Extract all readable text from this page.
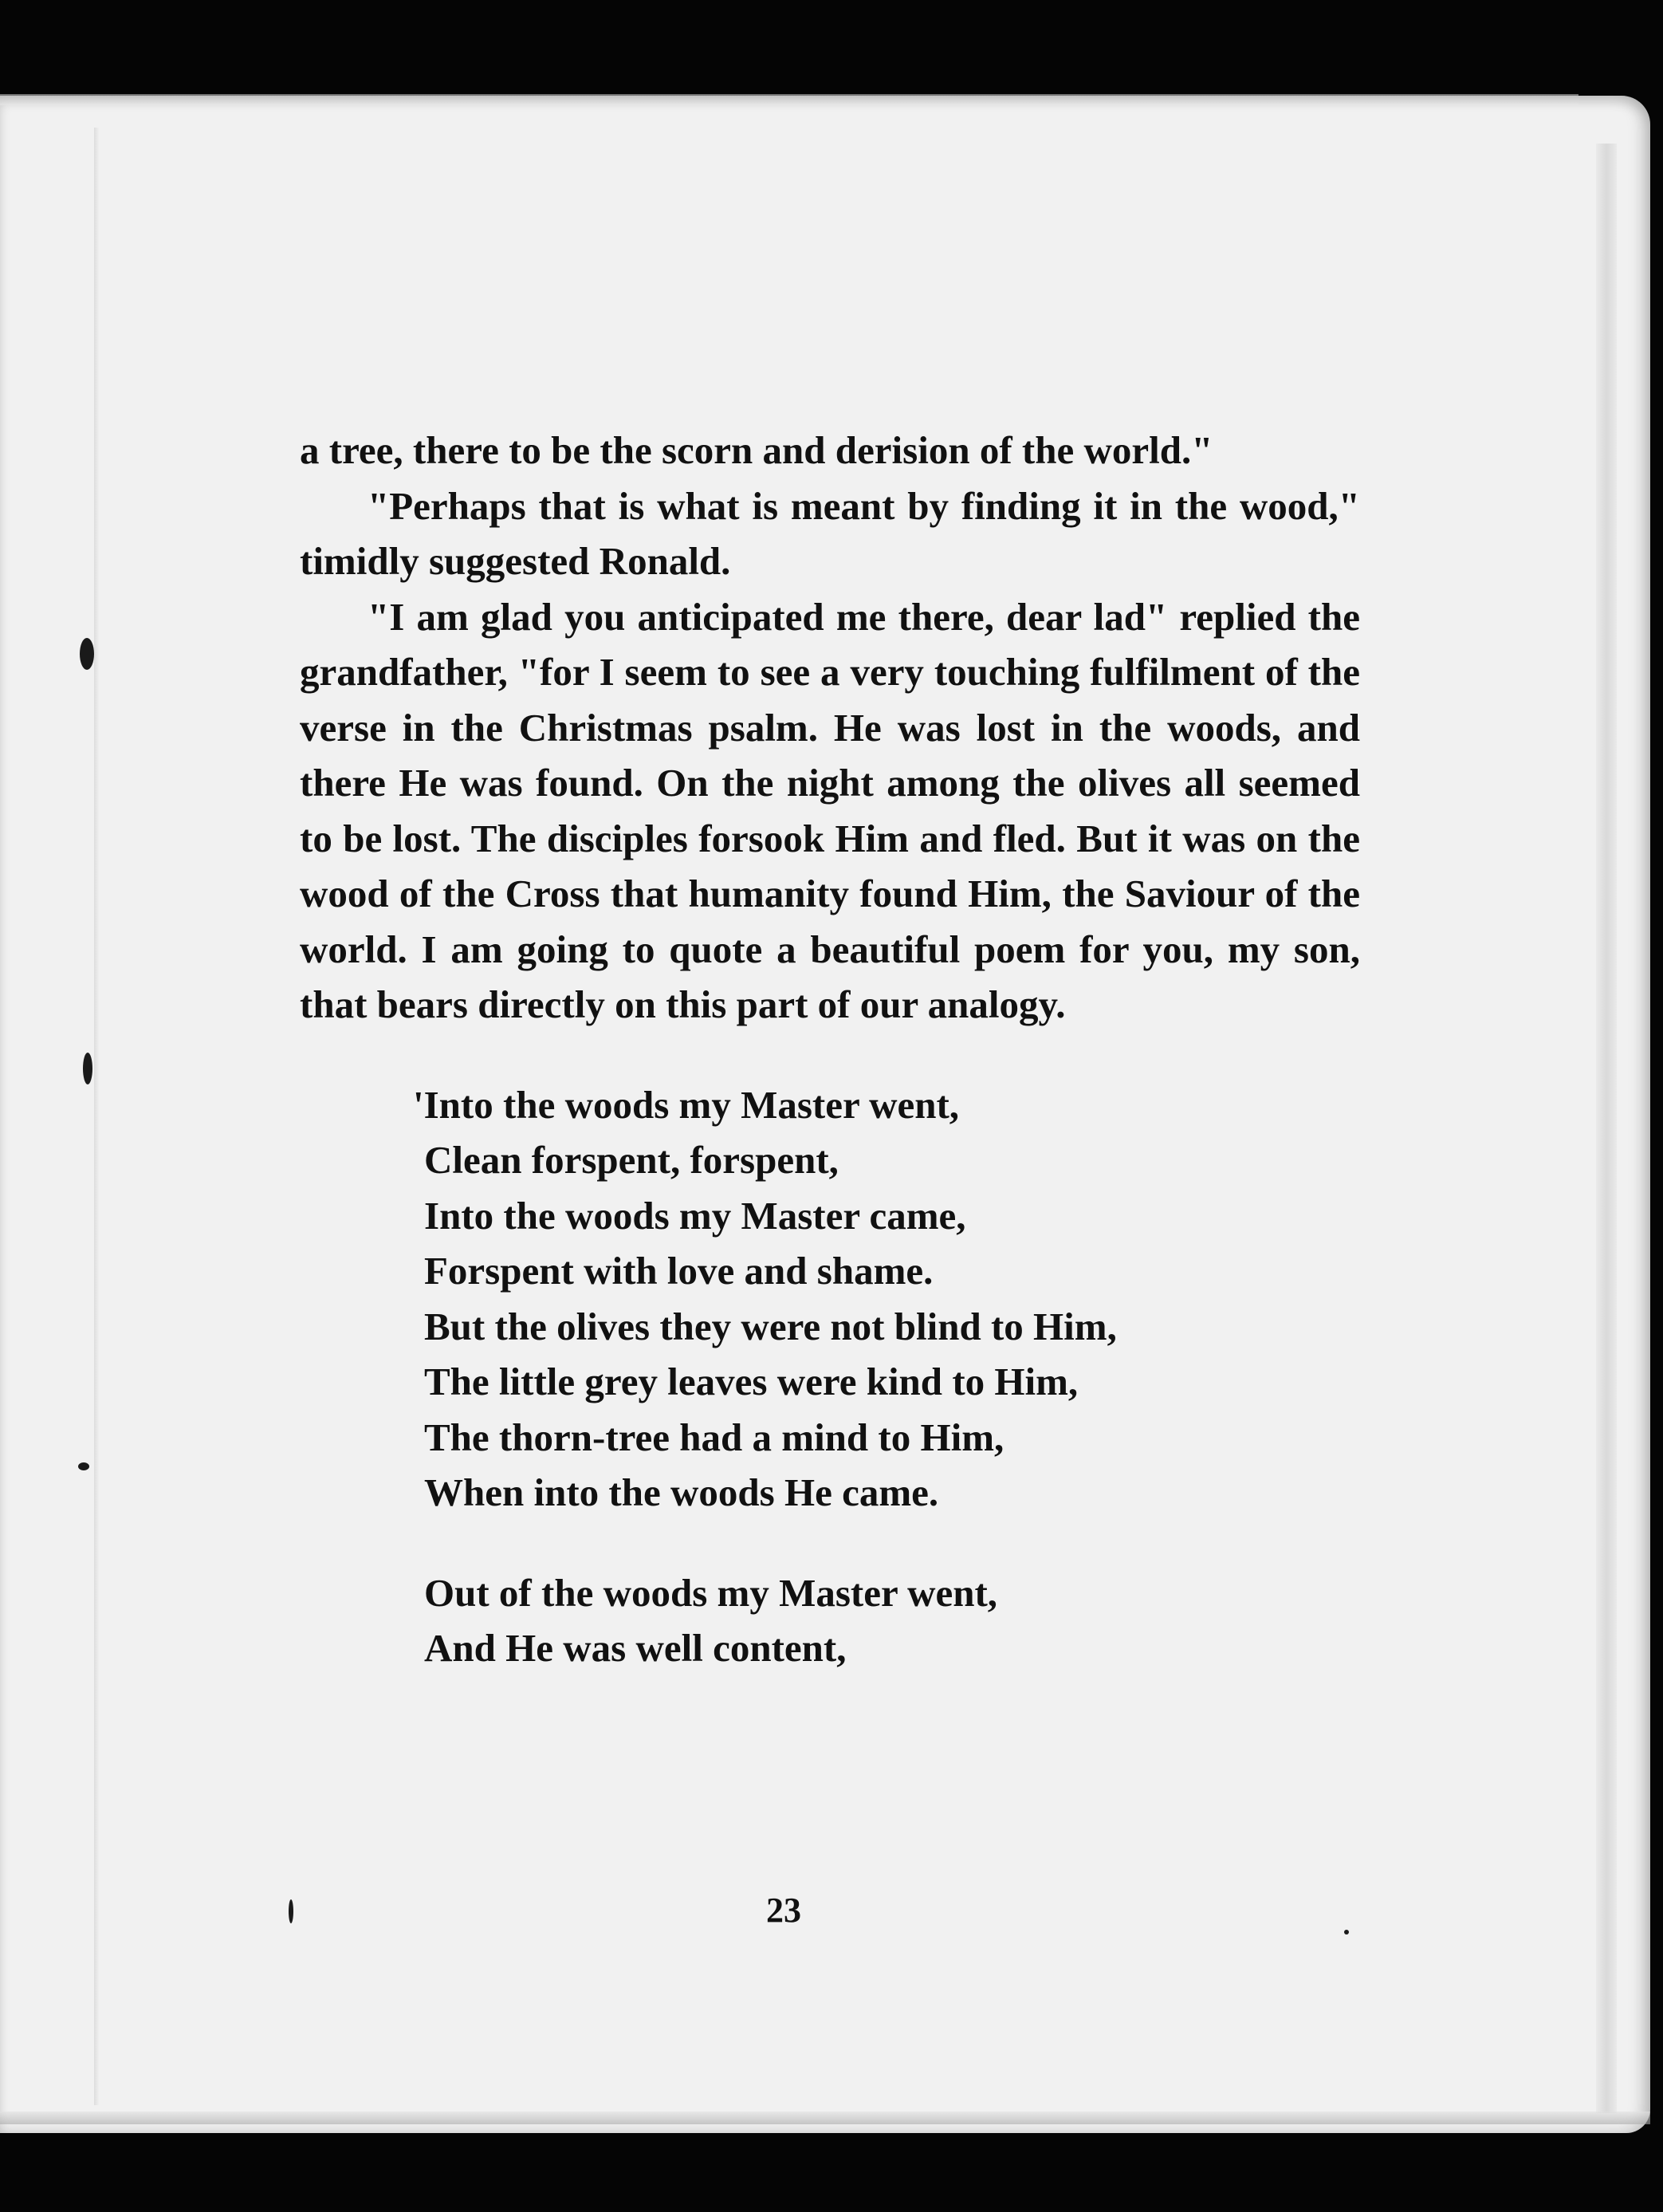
a tree, there to be the scorn and derision of the world."

"Perhaps that is what is meant by finding it in the wood," timidly suggested Ronald.

"I am glad you anticipated me there, dear lad" replied the grandfather, "for I seem to see a very touching fulfilment of the verse in the Christmas psalm. He was lost in the woods, and there He was found. On the night among the olives all seemed to be lost. The disciples forsook Him and fled. But it was on the wood of the Cross that humanity found Him, the Saviour of the world. I am going to quote a beautiful poem for you, my son, that bears directly on this part of our analogy.

'Into the woods my Master went,
Clean forspent, forspent,
Into the woods my Master came,
Forspent with love and shame.
But the olives they were not blind to Him,
The little grey leaves were kind to Him,
The thorn-tree had a mind to Him,
When into the woods He came.
Out of the woods my Master went,
And He was well content,
23
